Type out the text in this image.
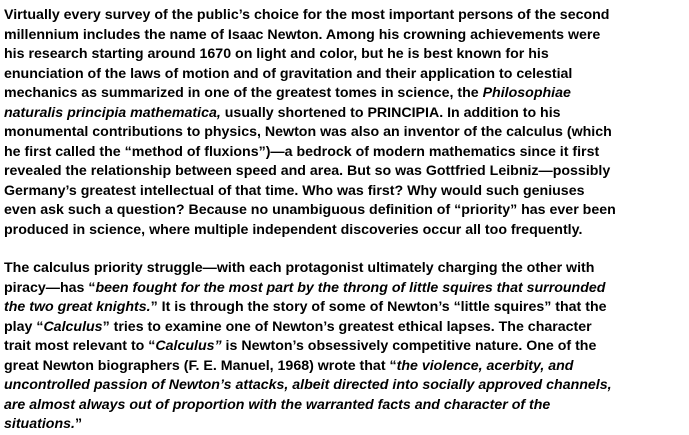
Virtually every survey of the public’s choice for the most important persons of the second
millennium includes the name of Isaac Newton. Among his crowning achievements were
his research starting around 1670 on light and color, but he is best known for his
enunciation of the laws of motion and of gravitation and their application to celestial
mechanics as summarized in one of the greatest tomes in science, the Philosophiae
naturalis principia mathematica, usually shortened to PRINCIPIA. In addition to his
monumental contributions to physics, Newton was also an inventor of the calculus (which
he first called the “method of fluxions”)—a bedrock of modern mathematics since it first
revealed the relationship between speed and area. But so was Gottfried Leibniz—possibly
Germany’s greatest intellectual of that time. Who was first? Why would such geniuses
even ask such a question? Because no unambiguous definition of “priority” has ever been
produced in science, where multiple independent discoveries occur all too frequently.

The calculus priority struggle—with each protagonist ultimately charging the other with
piracy—has “been fought for the most part by the throng of little squires that surrounded
the two great knights.” It is through the story of some of Newton’s “little squires” that the
play “Calculus” tries to examine one of Newton’s greatest ethical lapses. The character
trait most relevant to “Calculus” is Newton’s obsessively competitive nature. One of the
great Newton biographers (F. E. Manuel, 1968) wrote that “the violence, acerbity, and
uncontrolled passion of Newton’s attacks, albeit directed into socially approved channels,
are almost always out of proportion with the warranted facts and character of the
situations.”
